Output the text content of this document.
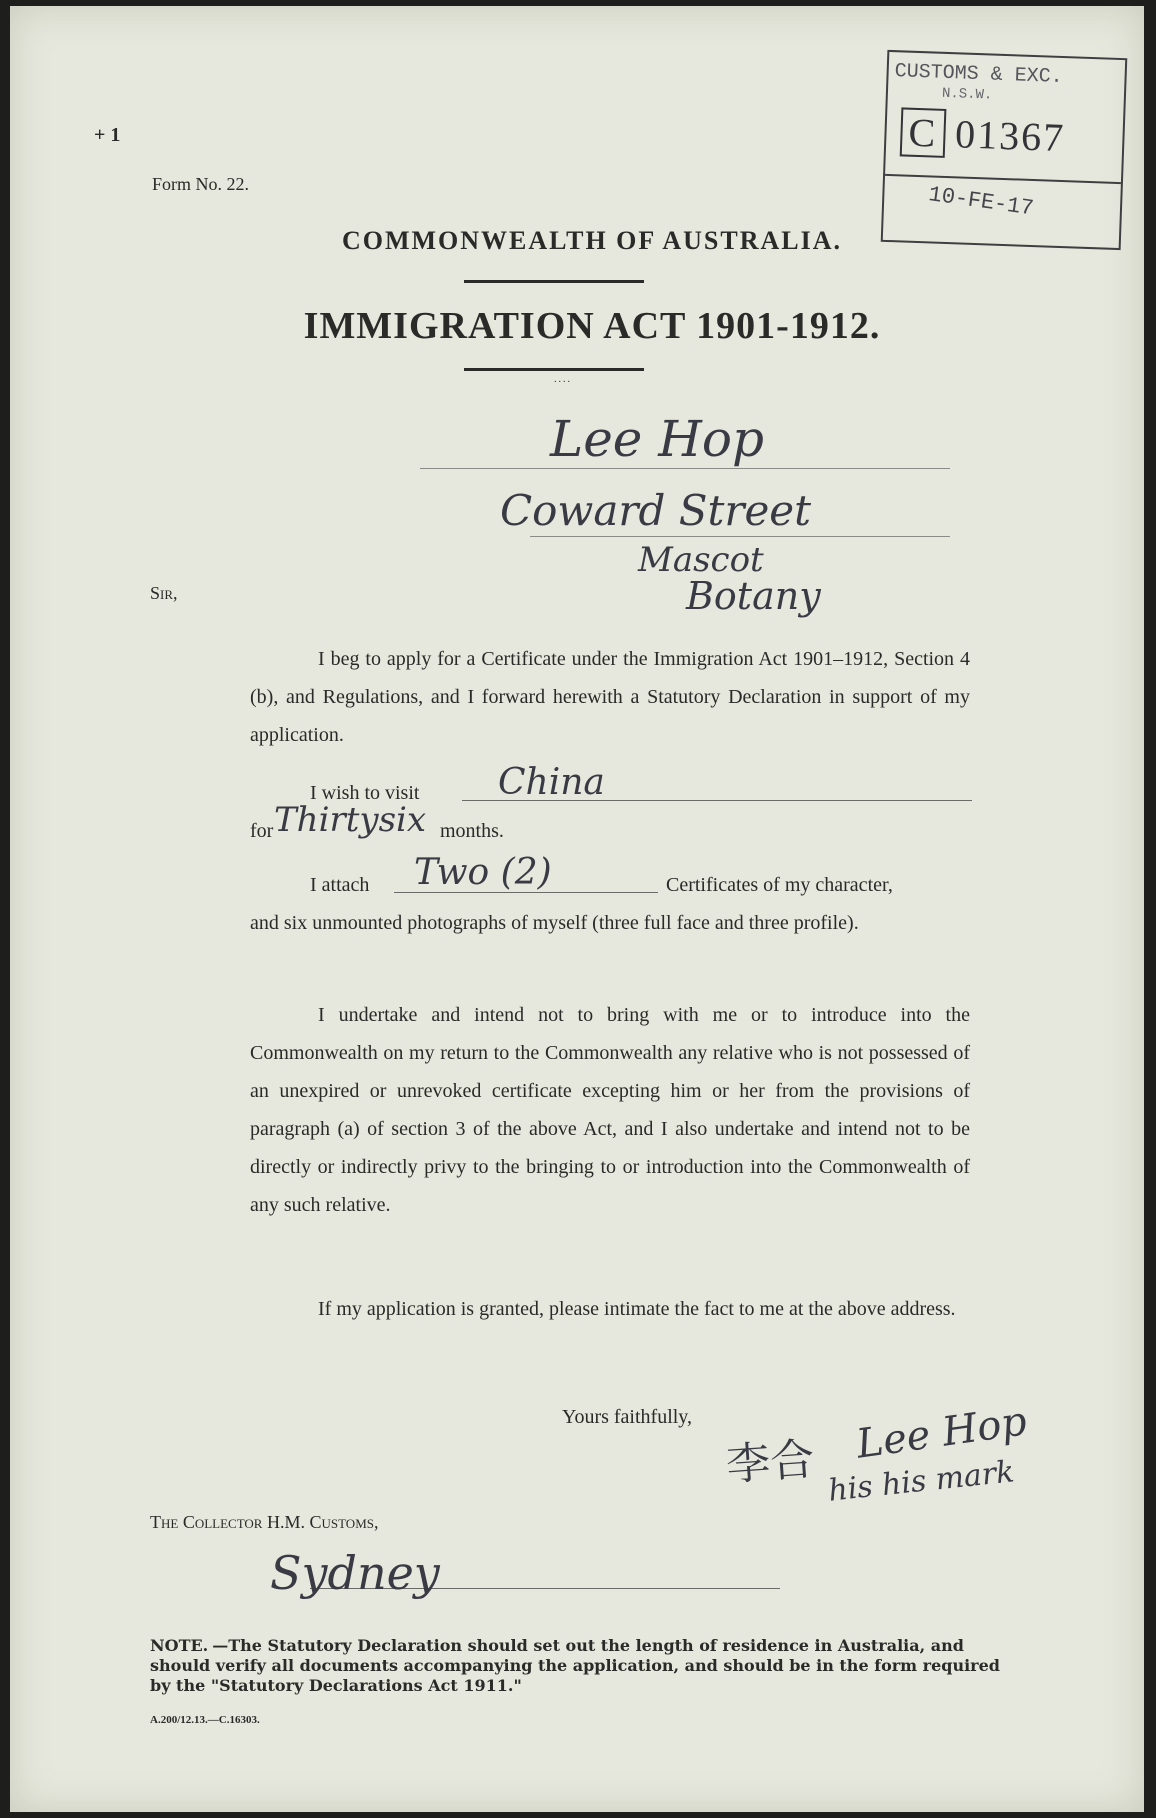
+ 1
Form No. 22.
CUSTOMS & EXC.
N.S.W.
C 01367
10-FE-17
COMMONWEALTH OF AUSTRALIA.
IMMIGRATION ACT 1901-1912.
....
Lee Hop
Coward Street
Mascot
Botany
Sir,
I beg to apply for a Certificate under the Immigration Act 1901–1912, Section 4 (b), and Regulations, and I forward herewith a Statutory Declaration in support of my application.
I wish to visit China
for Thirtysix months.
I attach Two (2)	Certificates of my character,
and six unmounted photographs of myself (three full face and three profile).
I undertake and intend not to bring with me or to introduce into the Commonwealth on my return to the Commonwealth any relative who is not possessed of an unexpired or unrevoked certificate excepting him or her from the provisions of paragraph (a) of section 3 of the above Act, and I also undertake and intend not to be directly or indirectly privy to the bringing to or introduction into the Commonwealth of any such relative.
If my application is granted, please intimate the fact to me at the above address.
Yours faithfully,
李合 Lee Hop
his his mark
The Collector H.M. Customs,
Sydney
NOTE. —The Statutory Declaration should set out the length of residence in Australia, and should verify all documents accompanying the application, and should be in the form required by the "Statutory Declarations Act 1911."
A.200/12.13.—C.16303.
